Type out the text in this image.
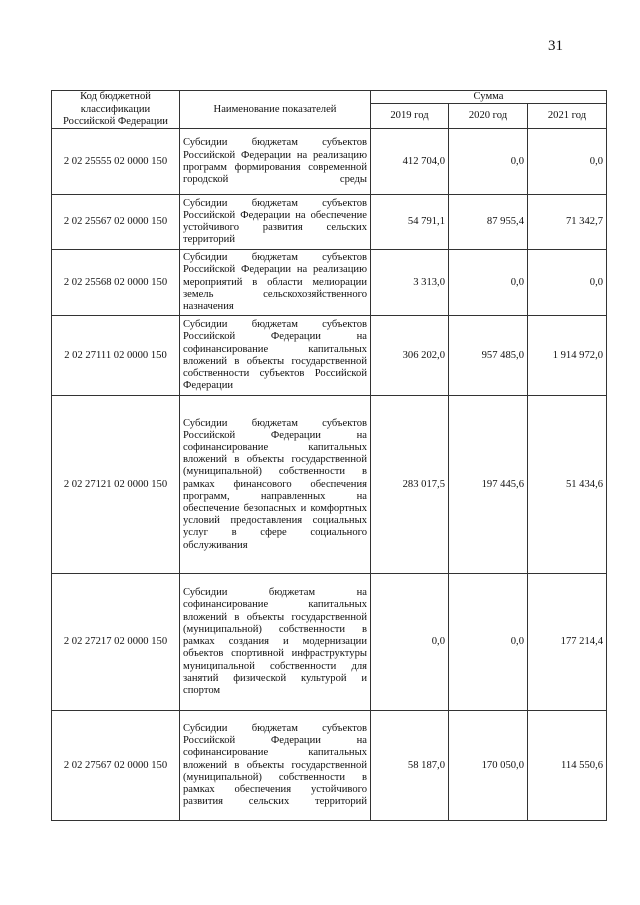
31
Код бюджетной классификации Российской Федерации	Наименование показателей	Сумма		
		2019 год	2020 год	2021 год
2 02 25555 02 0000 150	Субсидии бюджетам субъектов Российской Федерации на реализацию программ формирования современной городской среды	412 704,0	0,0	0,0
2 02 25567 02 0000 150	Субсидии бюджетам субъектов Российской Федерации на обеспечение устойчивого развития сельских территорий	54 791,1	87 955,4	71 342,7
2 02 25568 02 0000 150	Субсидии бюджетам субъектов Российской Федерации на реализацию мероприятий в области мелиорации земель сельскохозяйственного назначения	3 313,0	0,0	0,0
2 02 27111 02 0000 150	Субсидии бюджетам субъектов Российской Федерации на софинансирование капитальных вложений в объекты государственной собственности субъектов Российской Федерации	306 202,0	957 485,0	1 914 972,0
2 02 27121 02 0000 150	Субсидии бюджетам субъектов Российской Федерации на софинансирование капитальных вложений в объекты государственной (муниципальной) собственности в рамках финансового обеспечения программ, направленных на обеспечение безопасных и комфортных условий предоставления социальных услуг в сфере социального обслуживания	283 017,5	197 445,6	51 434,6
2 02 27217 02 0000 150	Субсидии бюджетам на софинансирование капитальных вложений в объекты государственной (муниципальной) собственности в рамках создания и модернизации объектов спортивной инфраструктуры муниципальной собственности для занятий физической культурой и спортом	0,0	0,0	177 214,4
2 02 27567 02 0000 150	Субсидии бюджетам субъектов Российской Федерации на софинансирование капитальных вложений в объекты государственной (муниципальной) собственности в рамках обеспечения устойчивого развития сельских территорий	58 187,0	170 050,0	114 550,6
